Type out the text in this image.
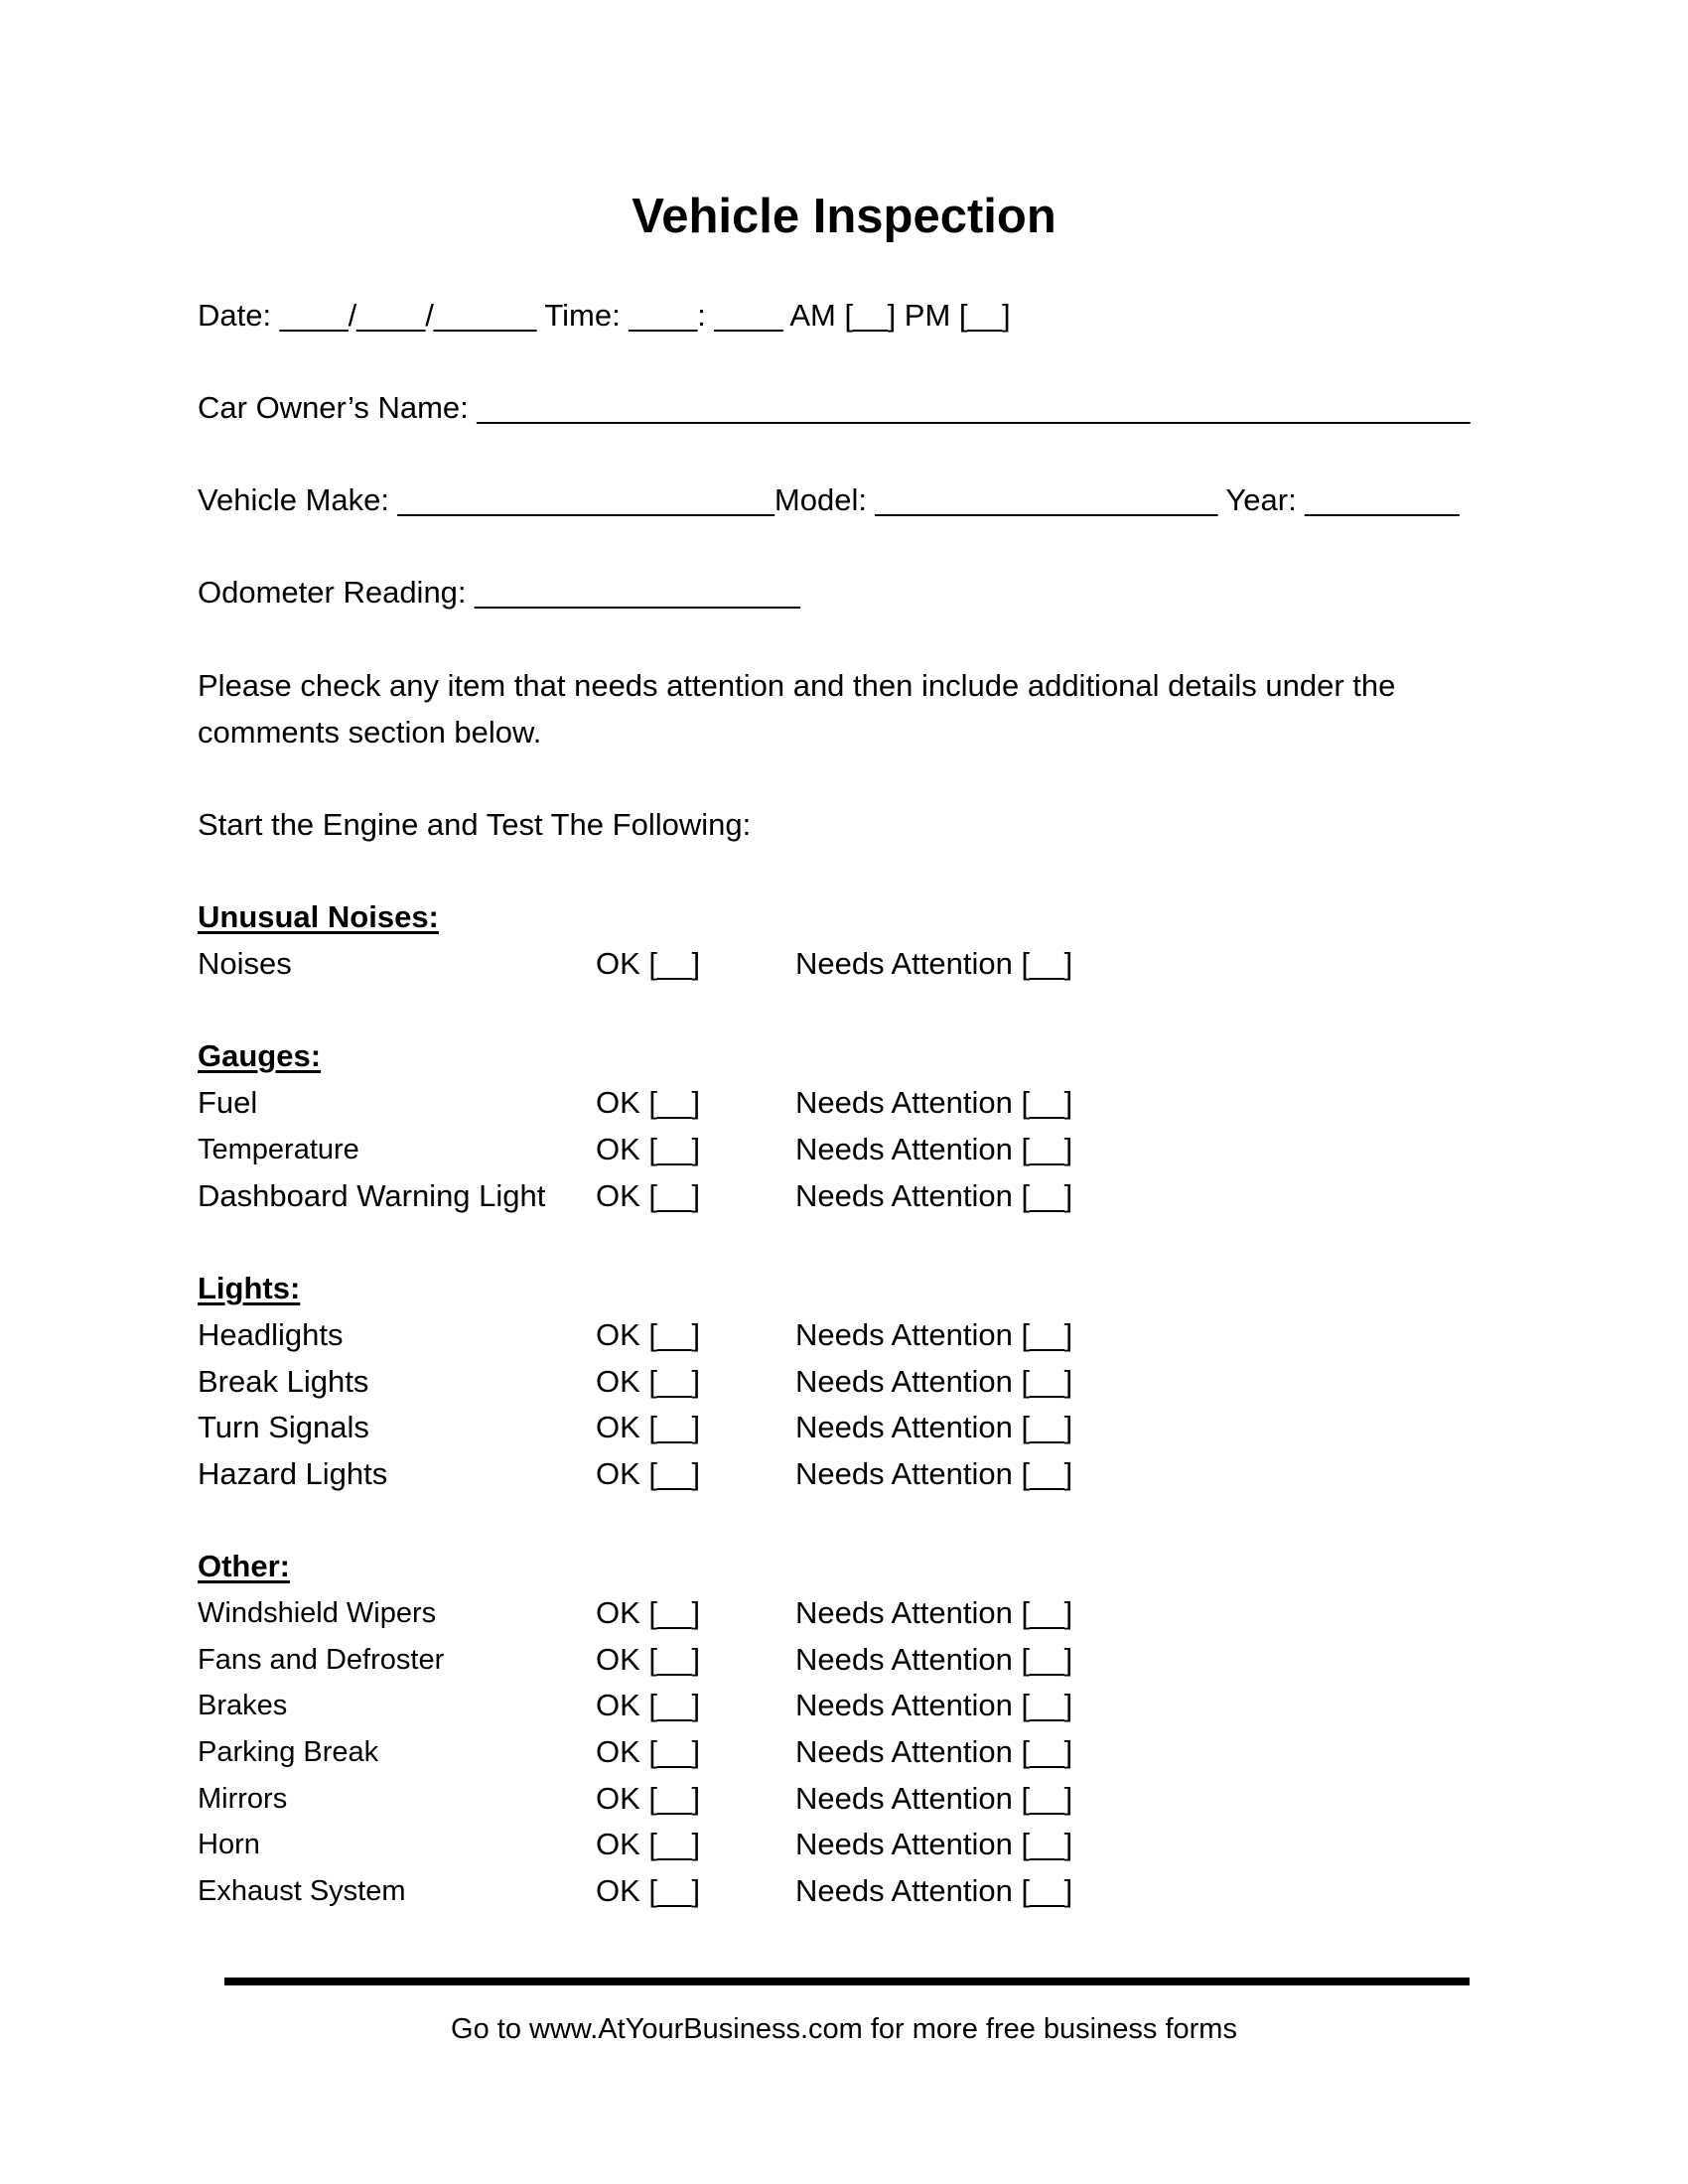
Vehicle Inspection
Date: ____/____/______ Time: ____: ____ AM [__] PM [__]
Car Owner’s Name: __________________________________________________________
Vehicle Make: ______________________Model: ____________________ Year: _________
Odometer Reading: ___________________
Please check any item that needs attention and then include additional details under the comments section below.
Start the Engine and Test The Following:
Unusual Noises:
Noises	OK [__]	Needs Attention [__]
Gauges:
Fuel	OK [__]	Needs Attention [__]
Temperature	OK [__]	Needs Attention [__]
Dashboard Warning Light OK [__]	Needs Attention [__]
Lights:
Headlights	OK [__]	Needs Attention [__]
Break Lights	OK [__]	Needs Attention [__]
Turn Signals	OK [__]	Needs Attention [__]
Hazard Lights	OK [__]	Needs Attention [__]
Other:
Windshield Wipers	OK [__]	Needs Attention [__]
Fans and Defroster	OK [__]	Needs Attention [__]
Brakes	OK [__]	Needs Attention [__]
Parking Break	OK [__]	Needs Attention [__]
Mirrors	OK [__]	Needs Attention [__]
Horn	OK [__]	Needs Attention [__]
Exhaust System	OK [__]	Needs Attention [__]
Go to www.AtYourBusiness.com for more free business forms
